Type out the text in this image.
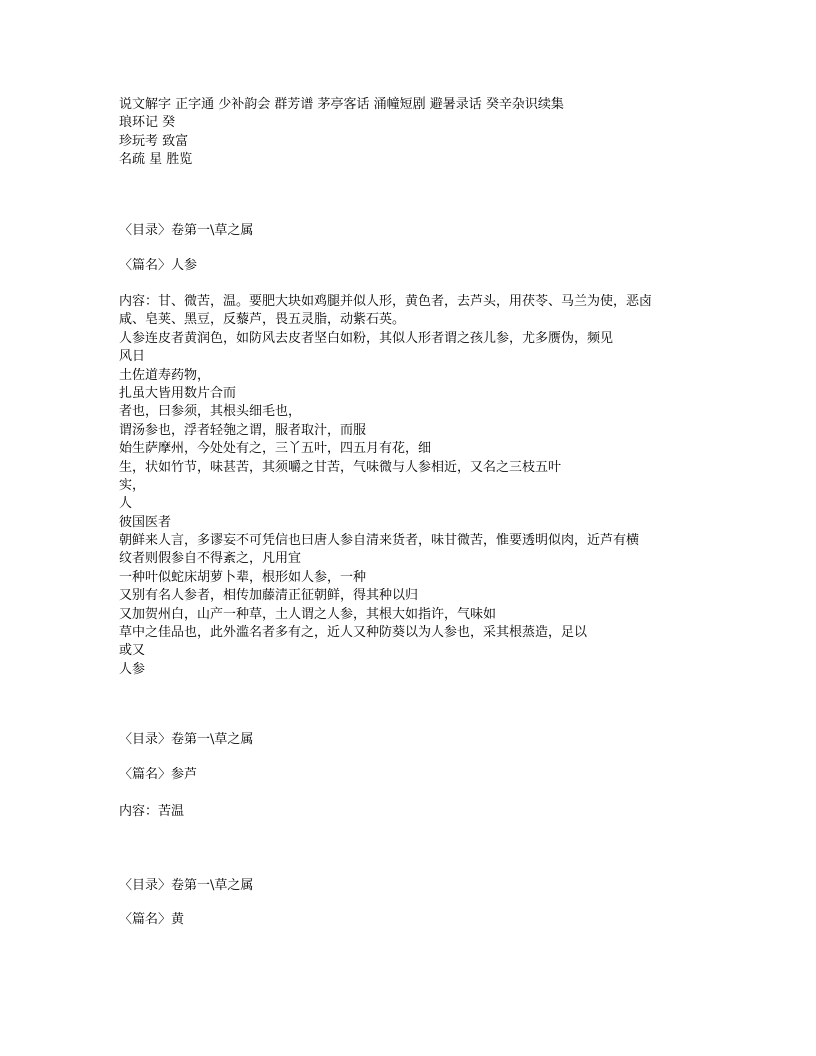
说文解字 正字通 少补韵会 群芳谱 茅亭客话 涌幢短剧 避暑录话 癸辛杂识续集
琅环记 癸
珍玩考 致富
名疏 星 胜览
〈目录〉卷第一\草之属
〈篇名〉人参
内容：甘、微苦，温。要肥大块如鸡腿并似人形，黄色者，去芦头，用茯苓、马兰为使，恶卤
咸、皂荚、黑豆，反藜芦，畏五灵脂，动紫石英。
人参连皮者黄润色，如防风去皮者坚白如粉，其似人形者谓之孩儿参，尤多赝伪，频见
风日
土佐道寿药物，
扎虽大皆用数片合而
者也，曰参须，其根头细毛也，
谓汤参也，浮者轻匏之谓，服者取汁，而服
始生萨摩州，今处处有之，三丫五叶，四五月有花，细
生，状如竹节，味甚苦，其须嚼之甘苦，气味微与人参相近，又名之三枝五叶
实，
人
彼国医者
朝鲜来人言，多谬妄不可凭信也曰唐人参自清来货者，味甘微苦，惟要透明似肉，近芦有横
纹者则假参自不得紊之，凡用宜
一种叶似蛇床胡萝卜辈，根形如人参，一种
又别有名人参者，相传加藤清正征朝鲜，得其种以归
又加贺州白，山产一种草，土人谓之人参，其根大如指许，气味如
草中之佳品也，此外滥名者多有之，近人又种防葵以为人参也，采其根蒸造，足以
或又
人参
〈目录〉卷第一\草之属
〈篇名〉参芦
内容：苦温
〈目录〉卷第一\草之属
〈篇名〉黄
